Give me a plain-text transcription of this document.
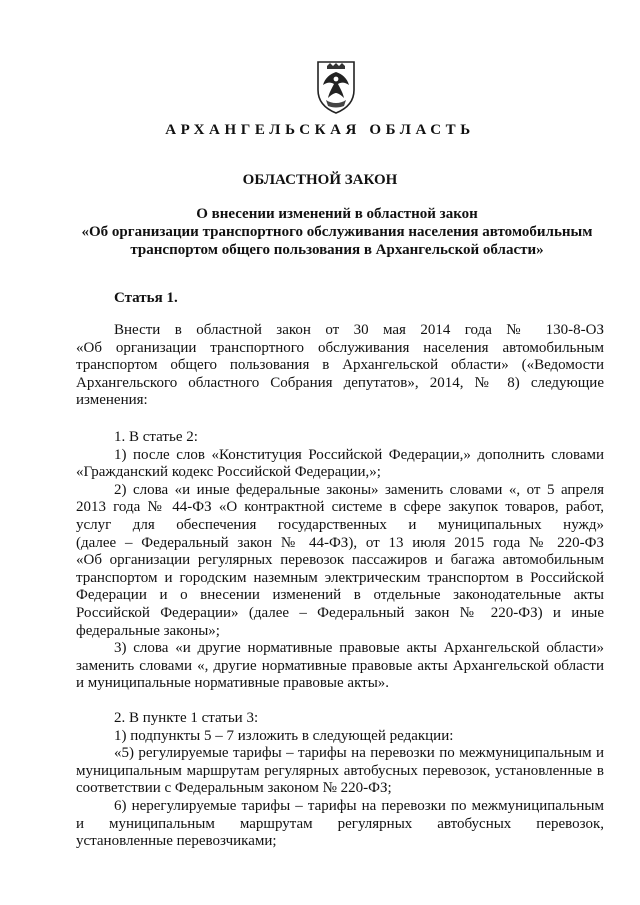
АРХАНГЕЛЬСКАЯ ОБЛАСТЬ
ОБЛАСТНОЙ ЗАКОН
О внесении изменений в областной закон
«Об организации транспортного обслуживания населения автомобильным
транспортом общего пользования в Архангельской области»
Статья 1.
Внести в областной закон от 30 мая 2014 года № 130-8-ОЗ
«Об организации транспортного обслуживания населения автомобильным
транспортом общего пользования в Архангельской области» («Ведомости
Архангельского областного Собрания депутатов», 2014, № 8) следующие
изменения:
1. В статье 2:
1) после слов «Конституция Российской Федерации,» дополнить словами
«Гражданский кодекс Российской Федерации,»;
2) слова «и иные федеральные законы» заменить словами «, от 5 апреля
2013 года № 44-ФЗ «О контрактной системе в сфере закупок товаров, работ,
услуг для обеспечения государственных и муниципальных нужд»
(далее – Федеральный закон № 44-ФЗ), от 13 июля 2015 года № 220-ФЗ
«Об организации регулярных перевозок пассажиров и багажа автомобильным
транспортом и городским наземным электрическим транспортом в Российской
Федерации и о внесении изменений в отдельные законодательные акты
Российской Федерации» (далее – Федеральный закон № 220-ФЗ) и иные
федеральные законы»;
3) слова «и другие нормативные правовые акты Архангельской области»
заменить словами «, другие нормативные правовые акты Архангельской области
и муниципальные нормативные правовые акты».
2. В пункте 1 статьи 3:
1) подпункты 5 – 7 изложить в следующей редакции:
«5) регулируемые тарифы – тарифы на перевозки по межмуниципальным и
муниципальным маршрутам регулярных автобусных перевозок, установленные в
соответствии с Федеральным законом № 220-ФЗ;
6) нерегулируемые тарифы – тарифы на перевозки по межмуниципальным
и муниципальным маршрутам регулярных автобусных перевозок,
установленные перевозчиками;
